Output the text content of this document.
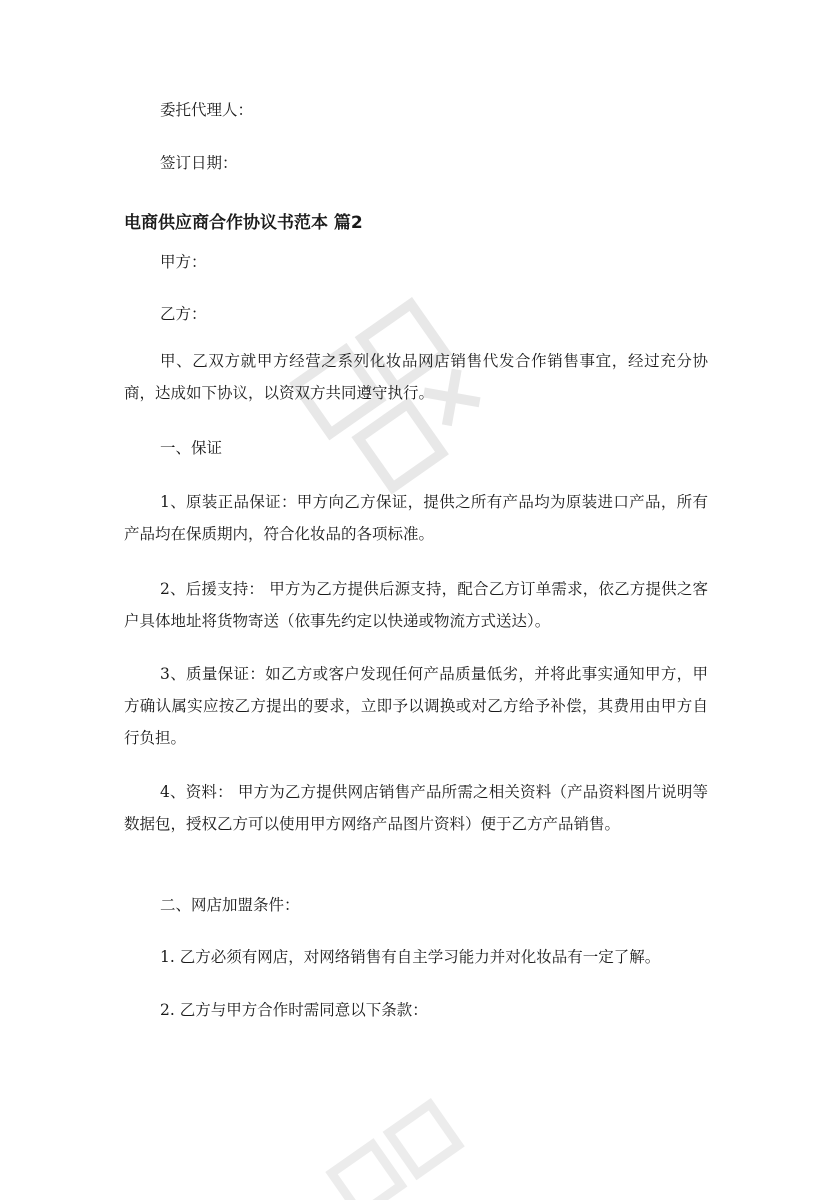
委托代理人：
签订日期：
电商供应商合作协议书范本 篇2
甲方：
乙方：
甲、乙双方就甲方经营之系列化妆品网店销售代发合作销售事宜，经过充分协商，达成如下协议，以资双方共同遵守执行。
一、保证
1、原装正品保证：甲方向乙方保证，提供之所有产品均为原装进口产品，所有产品均在保质期内，符合化妆品的各项标准。
2、后援支持： 甲方为乙方提供后源支持，配合乙方订单需求，依乙方提供之客户具体地址将货物寄送（依事先约定以快递或物流方式送达）。
3、质量保证：如乙方或客户发现任何产品质量低劣，并将此事实通知甲方，甲方确认属实应按乙方提出的要求，立即予以调换或对乙方给予补偿，其费用由甲方自行负担。
4、资料： 甲方为乙方提供网店销售产品所需之相关资料（产品资料图片说明等数据包，授权乙方可以使用甲方网络产品图片资料）便于乙方产品销售。
二、网店加盟条件：
1. 乙方必须有网店，对网络销售有自主学习能力并对化妆品有一定了解。
2. 乙方与甲方合作时需同意以下条款：
